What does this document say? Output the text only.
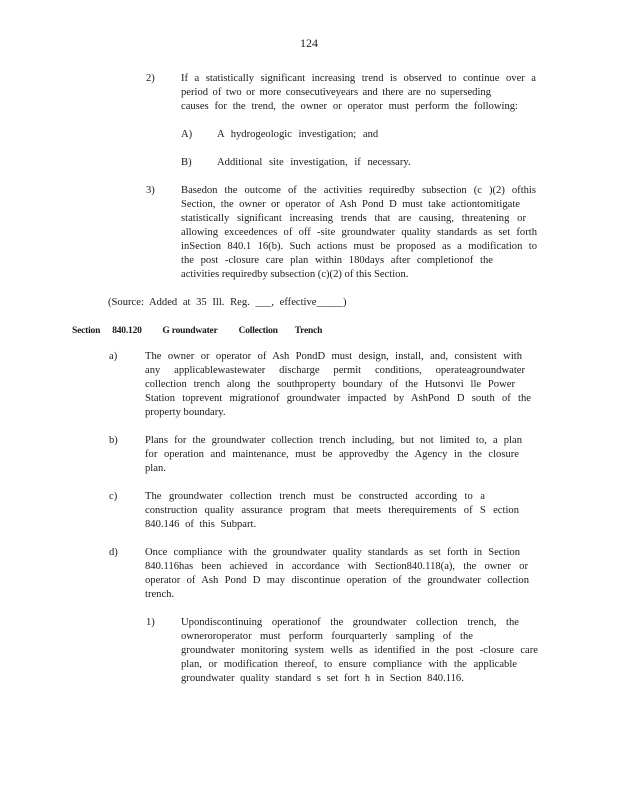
124
2) If a statistically significant increasing trend is observed to continue over a
period of two or more consecutiveyears and there are no superseding
causes for the trend, the owner or operator must perform the following:
A) A hydrogeologic investigation; and
B) Additional site investigation, if necessary.
3) Basedon the outcome of the activities requiredby subsection (c )(2) ofthis
Section, the owner or operator of Ash Pond D must take actiontomitigate
statistically significant increasing trends that are causing, threatening or
allowing exceedences of off -site groundwater quality standards as set forth
inSection 840.1 16(b). Such actions must be proposed as a modification to
the post -closure care plan within 180days after completionof the
activities requiredby subsection (c)(2) of this Section.
(Source: Added at 35 Ill. Reg. ___, effective_____)
Section 840.120 G roundwater Collection Trench
a)	The owner or operator of Ash PondD must design, install, and, consistent with
any applicablewastewater discharge permit conditions, operateagroundwater
collection trench along the southproperty boundary of the Hutsonvi lle Power
Station toprevent migrationof groundwater impacted by AshPond D south of the
property boundary.
b)	Plans for the groundwater collection trench including, but not limited to, a plan
for operation and maintenance, must be approvedby the Agency in the closure
plan.
c)	The groundwater collection trench must be constructed according to a
construction quality assurance program that meets therequirements of S ection
840.146 of this Subpart.
d)	Once compliance with the groundwater quality standards as set forth in Section
840.116has been achieved in accordance with Section840.118(a), the owner or
operator of Ash Pond D may discontinue operation of the groundwater collection
trench.
1) Upondiscontinuing operationof the groundwater collection trench, the
owneroroperator must perform fourquarterly sampling of the
groundwater monitoring system wells as identified in the post -closure care
plan, or modification thereof, to ensure compliance with the applicable
groundwater quality standard s set fort h in Section 840.116.
